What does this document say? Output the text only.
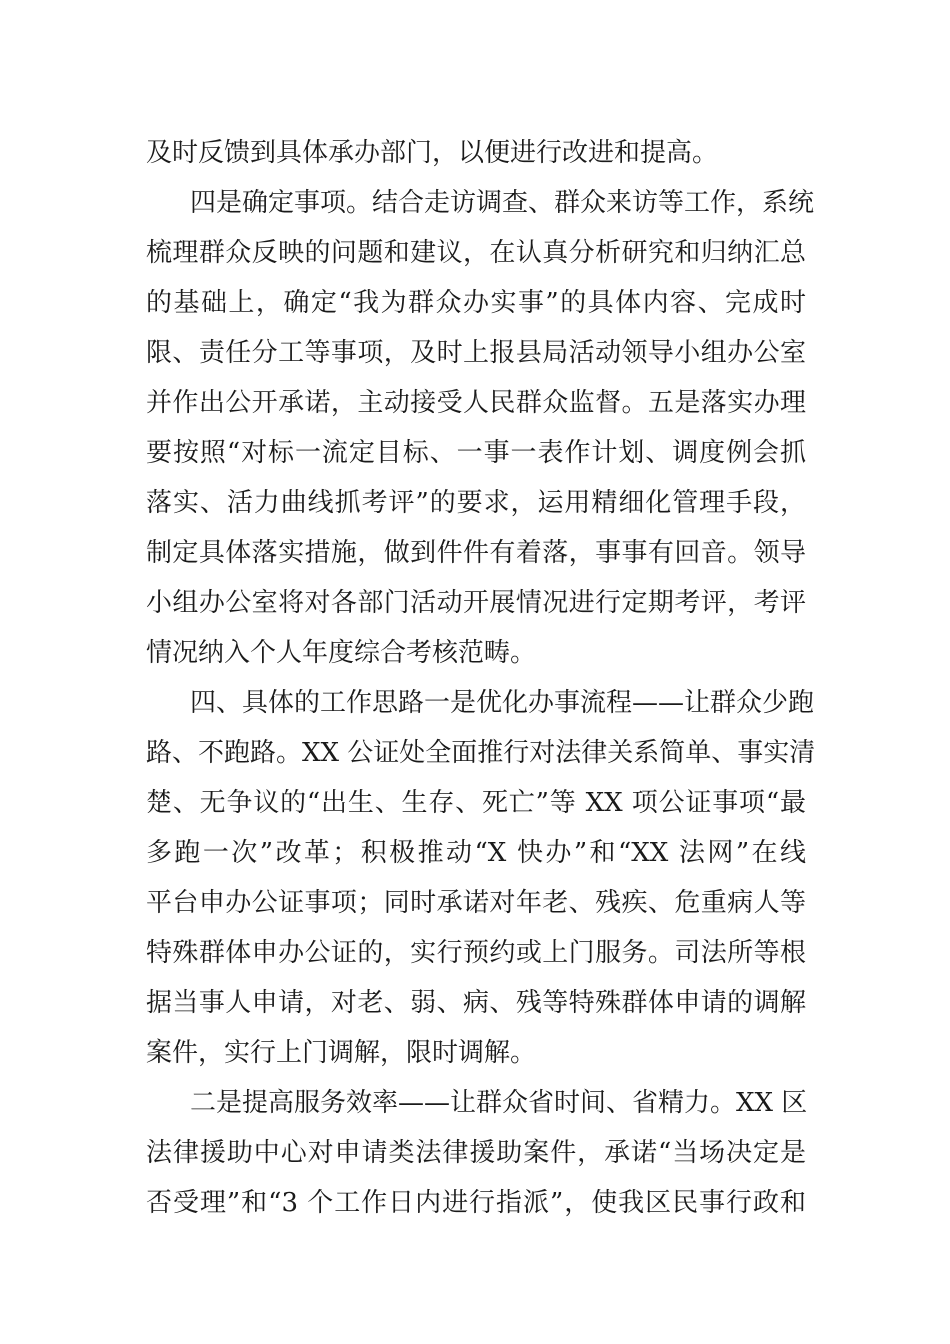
及时反馈到具体承办部门，以便进行改进和提高。
四是确定事项。结合走访调查、群众来访等工作，系统
梳理群众反映的问题和建议，在认真分析研究和归纳汇总
的基础上，确定“我为群众办实事”的具体内容、完成时
限、责任分工等事项，及时上报县局活动领导小组办公室
并作出公开承诺，主动接受人民群众监督。五是落实办理
要按照“对标一流定目标、一事一表作计划、调度例会抓
落实、活力曲线抓考评”的要求，运用精细化管理手段，
制定具体落实措施，做到件件有着落，事事有回音。领导
小组办公室将对各部门活动开展情况进行定期考评，考评
情况纳入个人年度综合考核范畴。
四、具体的工作思路一是优化办事流程——让群众少跑
路、不跑路。XX 公证处全面推行对法律关系简单、事实清
楚、无争议的“出生、生存、死亡”等 XX 项公证事项“最
多跑一次”改革；积极推动“X 快办”和“XX 法网”在线
平台申办公证事项；同时承诺对年老、残疾、危重病人等
特殊群体申办公证的，实行预约或上门服务。司法所等根
据当事人申请，对老、弱、病、残等特殊群体申请的调解
案件，实行上门调解，限时调解。
二是提高服务效率——让群众省时间、省精力。XX 区
法律援助中心对申请类法律援助案件，承诺“当场决定是
否受理”和“3 个工作日内进行指派”，使我区民事行政和
